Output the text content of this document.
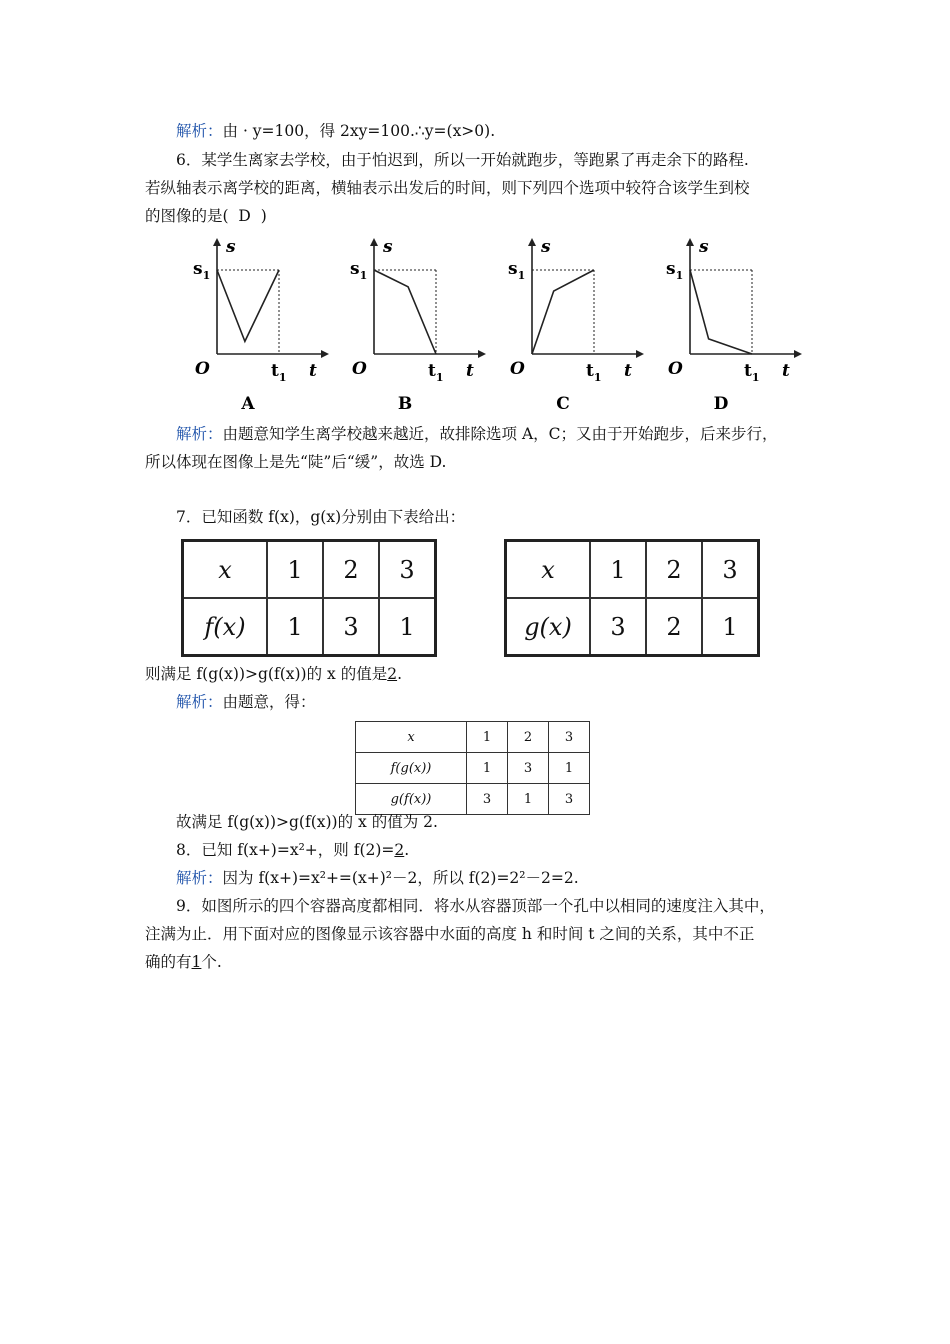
解析：由 · y=100，得 2xy=100.∴y=(x>0).
6．某学生离家去学校，由于怕迟到，所以一开始就跑步，等跑累了再走余下的路程.
若纵轴表示离学校的距离，横轴表示出发后的时间，则下列四个选项中较符合该学生到校
的图像的是( D )
s
$s_1$
O	$t_1$ t
A
s
$s_1$
O	$t_1$ t
B
s
$s_1$
O	$t_1$ t
C
s
$s_1$
O	$t_1$ t
D
解析：由题意知学生离学校越来越近，故排除选项 A，C；又由于开始跑步，后来步行，
所以体现在图像上是先“陡”后“缓”，故选 D.
7．已知函数 f(x)，g(x)分别由下表给出：
x	1	2	3
f(x)	1	3	1
x	1	2	3
g(x)	3	2	1
则满足 f(g(x))>g(f(x))的 x 的值是2.
解析：由题意，得：
x	1	2	3
f(g(x))	1	3	1
g(f(x))	3	1	3
故满足 f(g(x))>g(f(x))的 x 的值为 2.
8．已知 f(x+)=x²+，则 f(2)=2.
解析：因为 f(x+)=x²+=(x+)²－2，所以 f(2)=2²－2=2.
9．如图所示的四个容器高度都相同．将水从容器顶部一个孔中以相同的速度注入其中，
注满为止．用下面对应的图像显示该容器中水面的高度 h 和时间 t 之间的关系，其中不正
确的有1个.
